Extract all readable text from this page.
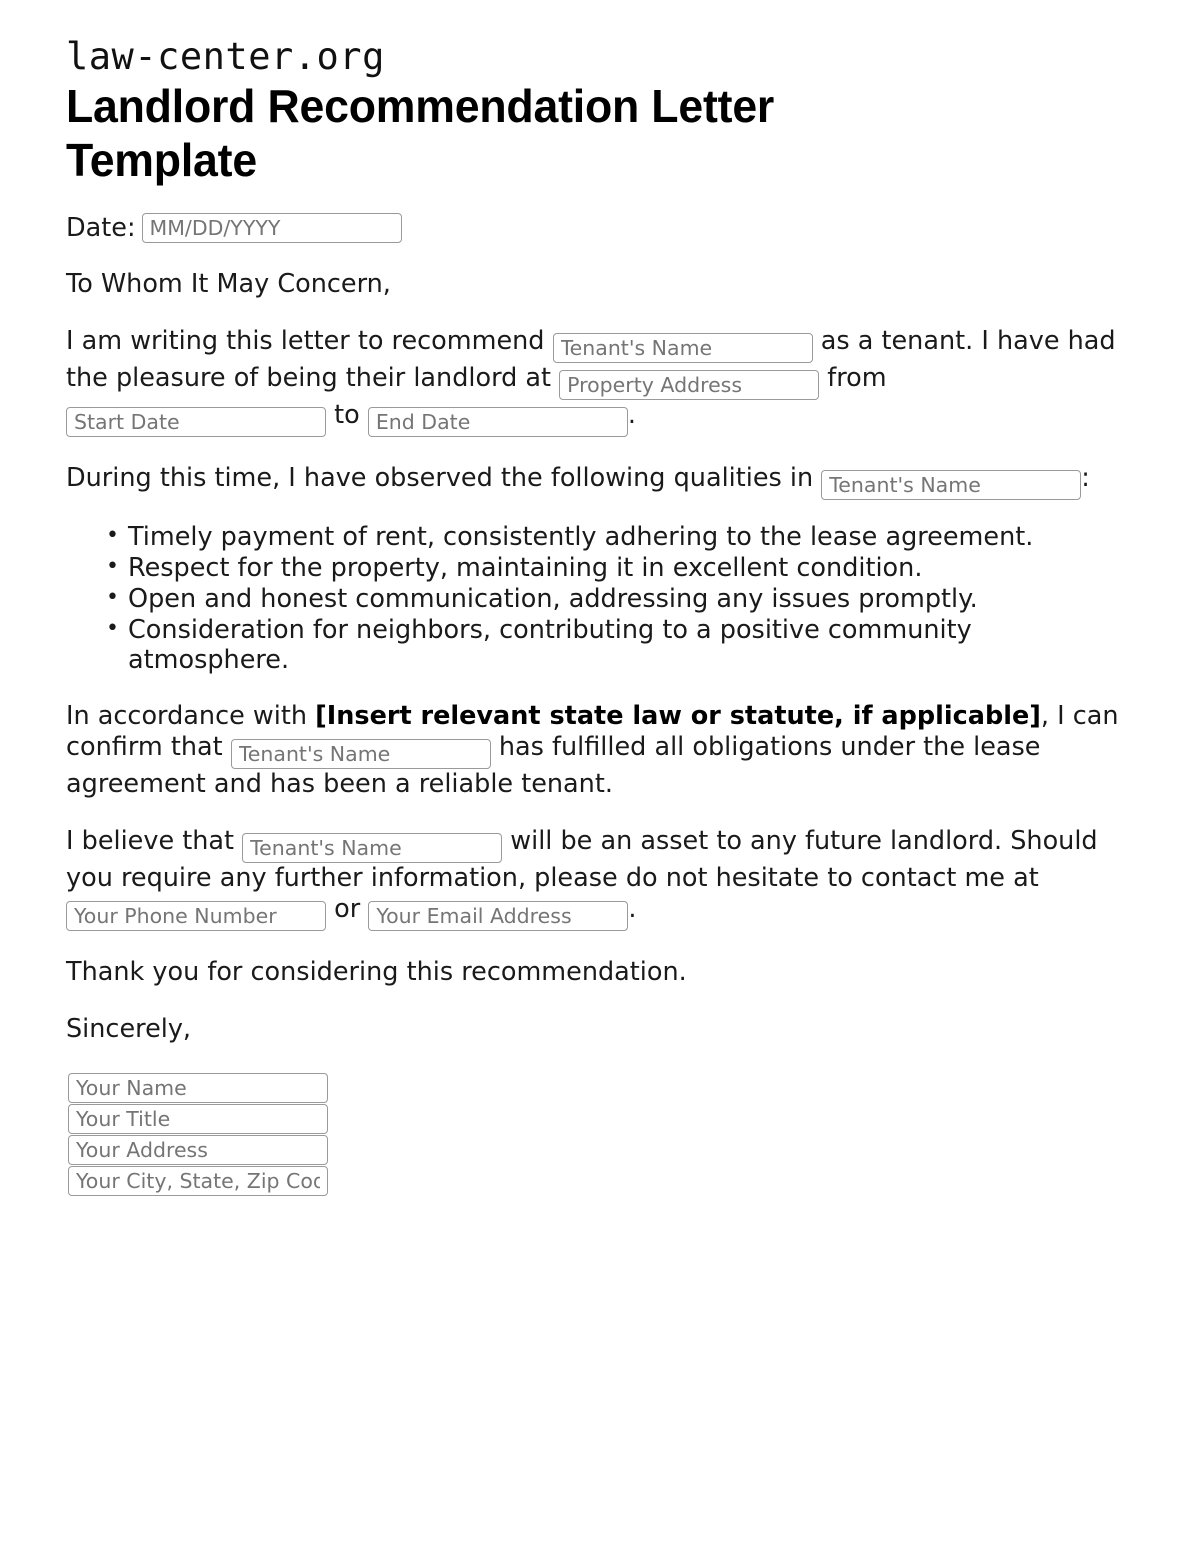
law-center.org
Landlord Recommendation Letter Template
Date:
MM/DD/YYYY

To Whom It May Concern,

I am writing this letter to recommend Tenant's Name	as a tenant. I have had the pleasure of being their landlord at Property Address	from Start Date to End Date	.

During this time, I have observed the following qualities in Tenant's Name	:

• Timely payment of rent, consistently adhering to the lease agreement.
• Respect for the property, maintaining it in excellent condition.
• Open and honest communication, addressing any issues promptly.
• Consideration for neighbors, contributing to a positive community atmosphere.

In accordance with [Insert relevant state law or statute, if applicable], I can confirm that Tenant's Name	has fulfilled all obligations under the lease agreement and has been a reliable tenant.

I believe that Tenant's Name	will be an asset to any future landlord. Should you require any further information, please do not hesitate to contact me at Your Phone Number or Your Email Address	.

Thank you for considering this recommendation.

Sincerely,

Your Name
Your Title
Your Address
Your City, State, Zip Code
